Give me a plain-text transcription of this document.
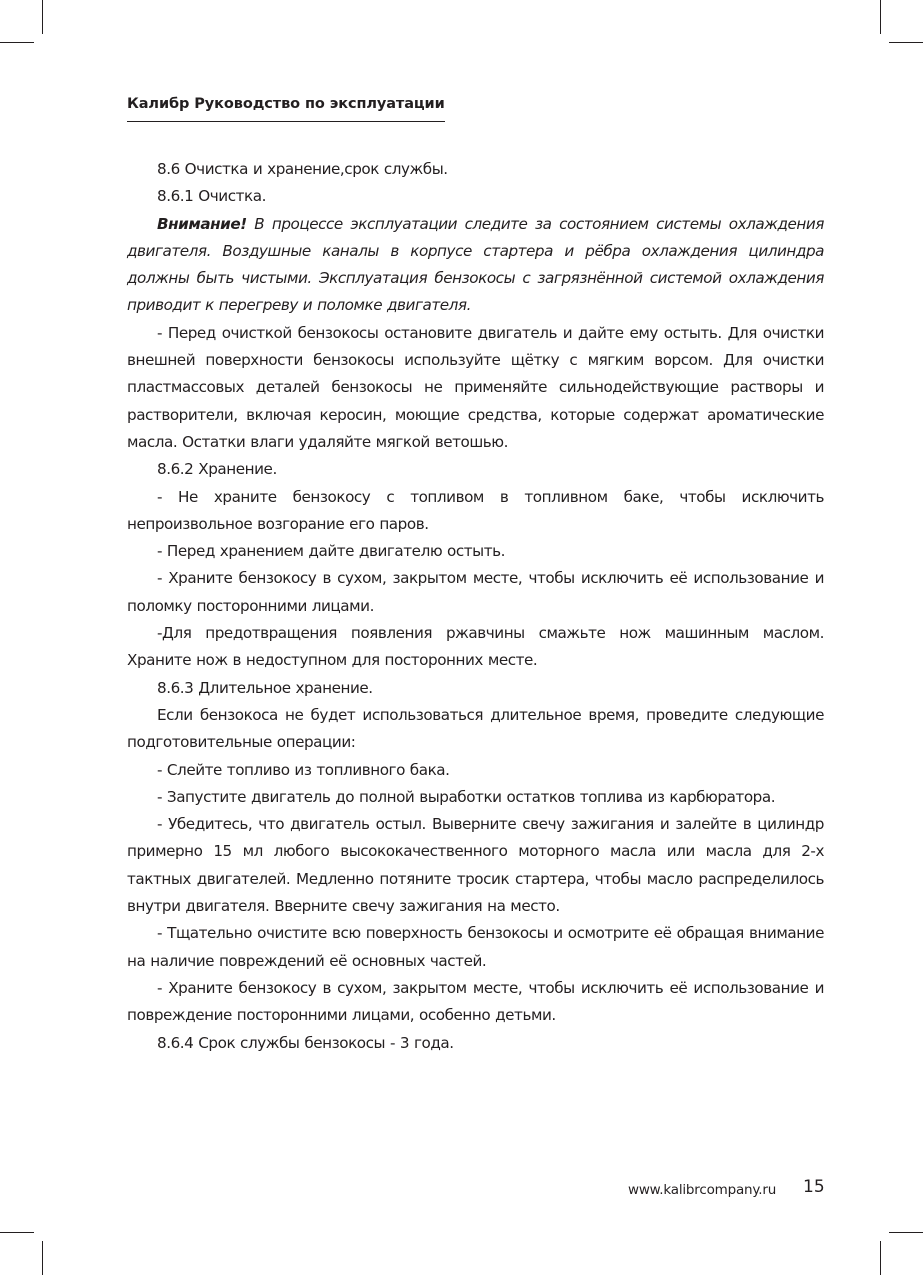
Калибр Руководство по эксплуатации

8.6 Очистка и хранение,срок службы.

8.6.1 Очистка.

Внимание! В процессе эксплуатации следите за состоянием системы охлаждения двигателя. Воздушные каналы в корпусе стартера и рёбра охлаждения цилиндра должны быть чистыми. Эксплуатация бензокосы с загрязнённой системой охлаждения приводит к перегреву и поломке двигателя.

- Перед очисткой бензокосы остановите двигатель и дайте ему остыть. Для очистки внешней поверхности бензокосы используйте щётку с мягким ворсом. Для очистки пластмассовых деталей бензокосы не применяйте сильнодействующие растворы и растворители, включая керосин, моющие средства, которые содержат ароматические масла. Остатки влаги удаляйте мягкой ветошью.

8.6.2 Хранение.

- Не храните бензокосу с топливом в топливном баке, чтобы исключить непроизвольное возгорание его паров.

- Перед хранением дайте двигателю остыть.

- Храните бензокосу в сухом, закрытом месте, чтобы исключить её использование и поломку посторонними лицами.

-Для предотвращения появления ржавчины смажьте нож машинным маслом. Храните нож в недоступном для посторонних месте.

8.6.3 Длительное хранение.

Если бензокоса не будет использоваться длительное время, проведите следующие подготовительные операции:

- Слейте топливо из топливного бака.

- Запустите двигатель до полной выработки остатков топлива из карбюратора.

- Убедитесь, что двигатель остыл. Выверните свечу зажигания и залейте в цилиндр примерно 15 мл любого высококачественного моторного масла или масла для 2-х тактных двигателей. Медленно потяните тросик стартера, чтобы масло распределилось внутри двигателя. Вверните свечу зажигания на место.

- Тщательно очистите всю поверхность бензокосы и осмотрите её обращая внимание на наличие повреждений её основных частей.

- Храните бензокосу в сухом, закрытом месте, чтобы исключить её использование и повреждение посторонними лицами, особенно детьми.

8.6.4 Срок службы бензокосы - 3 года.

www.kalibrcompany.ru 15
